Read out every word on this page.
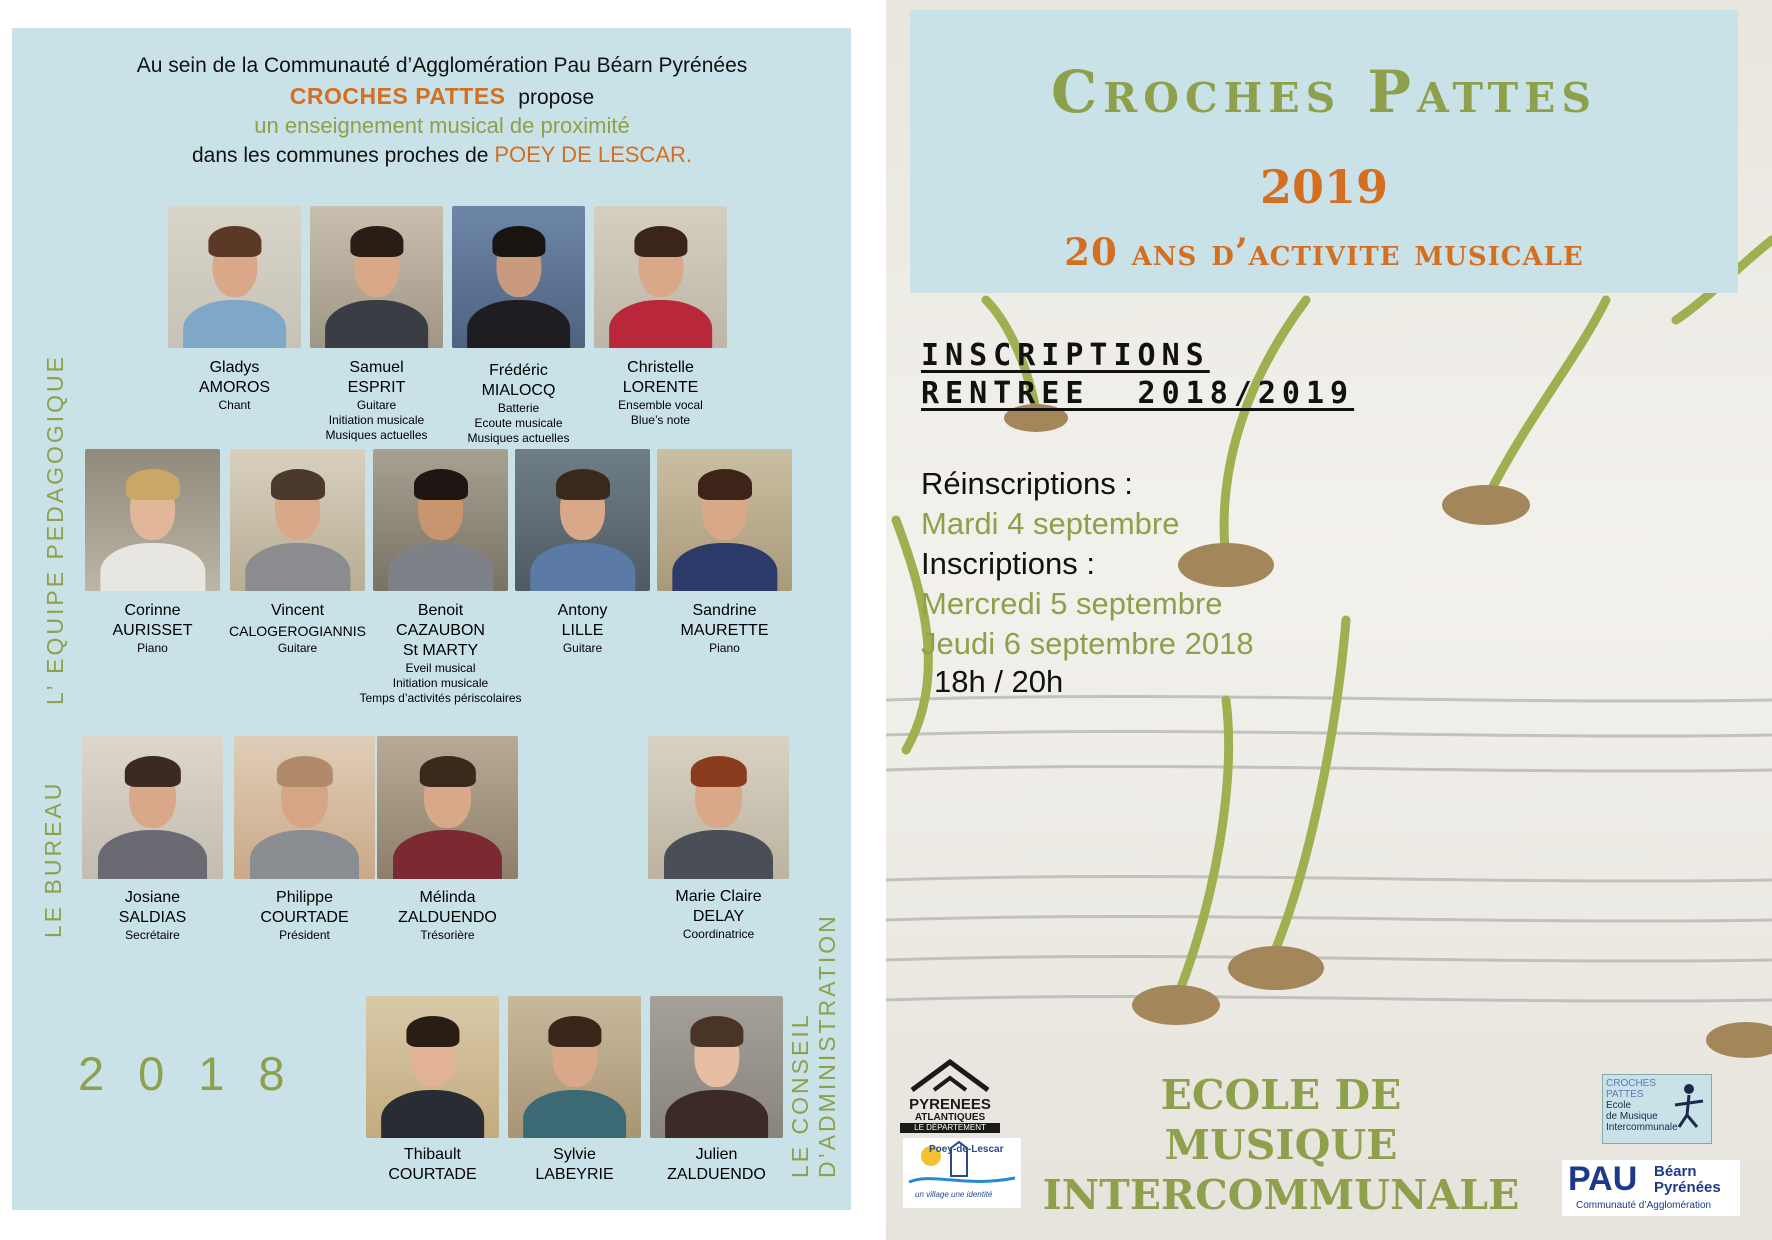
Au sein de la Communauté d’Agglomération Pau Béarn Pyrénées
CROCHES PATTES propose
un enseignement musical de proximité
dans les communes proches de POEY DE LESCAR.
L’ EQUIPE PEDAGOGIQUE
LE BUREAU
LE CONSEIL D’ADMINISTRATION
2018
Gladys
AMOROS
Chant
Samuel
ESPRIT
Guitare
Initiation musicale
Musiques actuelles
Frédéric
MIALOCQ
Batterie
Ecoute musicale
Musiques actuelles
Christelle
LORENTE
Ensemble vocal
Blue’s note
Corinne
AURISSET
Piano
Vincent
CALOGEROGIANNIS
Guitare
Benoit
CAZAUBON
St MARTY
Eveil musical
Initiation musicale
Temps d’activités périscolaires
Antony
LILLE
Guitare
Sandrine
MAURETTE
Piano
Josiane
SALDIAS
Secrétaire
Philippe
COURTADE
Président
Mélinda
ZALDUENDO
Trésorière
Marie Claire
DELAY
Coordinatrice
Thibault
COURTADE
Sylvie
LABEYRIE
Julien
ZALDUENDO
Croches Pattes
2019
20 ans d’activite musicale
INSCRIPTIONS
RENTREE  2018/2019
Réinscriptions :
Mardi 4 septembre
Inscriptions :
Mercredi 5 septembre
Jeudi 6 septembre 2018
18h / 20h
ECOLE DE MUSIQUE
INTERCOMMUNALE
PYRENEES
ATLANTIQUES
LE DÉPARTEMENT
Poey-de-Lescar
un village une identité
CROCHES
PATTES
Ecole
de Musique
Intercommunale
PAU Béarn
Pyrénées
Communauté d’Agglomération
